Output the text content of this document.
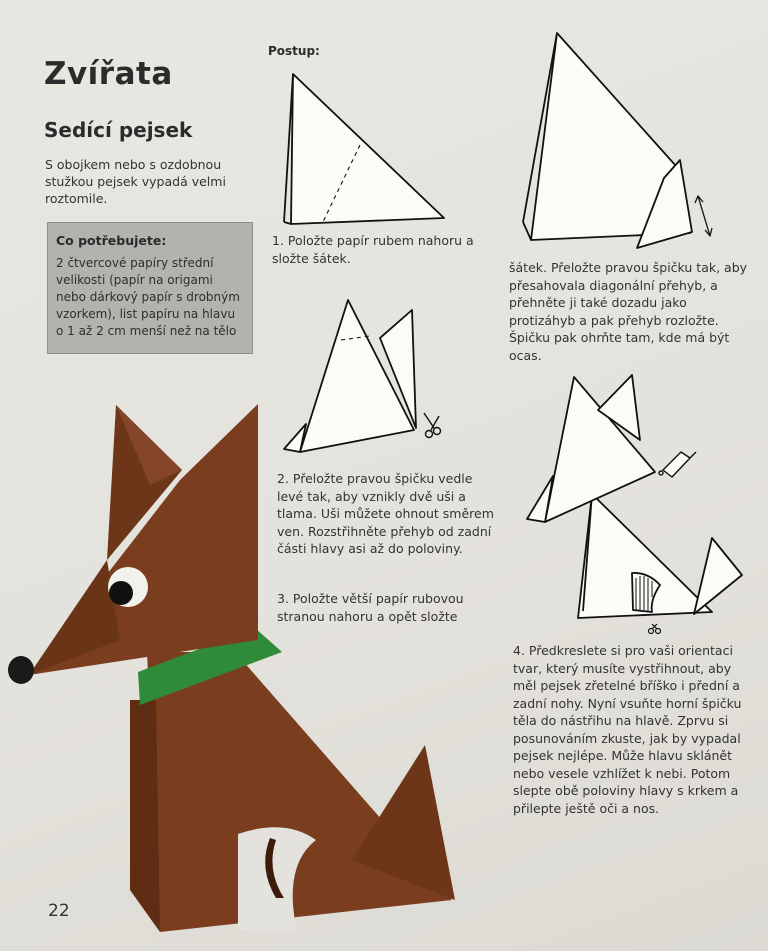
Zvířata
Sedící pejsek
S obojkem nebo s ozdobnou stužkou pejsek vypadá velmi roztomile.
Co potřebujete:
2 čtvercové papíry střední velikosti (papír na origami nebo dárkový papír s drobným vzorkem), list papíru na hlavu o 1 až 2 cm menší než na tělo
Postup:
1. Položte papír rubem nahoru a složte šátek.
šátek. Přeložte pravou špičku tak, aby přesahovala diagonální přehyb, a přehněte ji také dozadu jako protizáhyb a pak přehyb rozložte. Špičku pak ohrňte tam, kde má být ocas.
2. Přeložte pravou špičku vedle levé tak, aby vznikly dvě uši a tlama. Uši můžete ohnout směrem ven. Rozstřihněte přehyb od zadní části hlavy asi až do poloviny.
3. Položte větší papír rubovou stranou nahoru a opět složte
4. Předkreslete si pro vaši orientaci tvar, který musíte vystřihnout, aby měl pejsek zřetelné bříško i přední a zadní nohy. Nyní vsuňte horní špičku těla do nástřihu na hlavě. Zprvu si posunováním zkuste, jak by vypadal pejsek nejlépe. Může hlavu sklánět nebo vesele vzhlížet k nebi. Potom slepte obě poloviny hlavy s krkem a přilepte ještě oči a nos.
22
